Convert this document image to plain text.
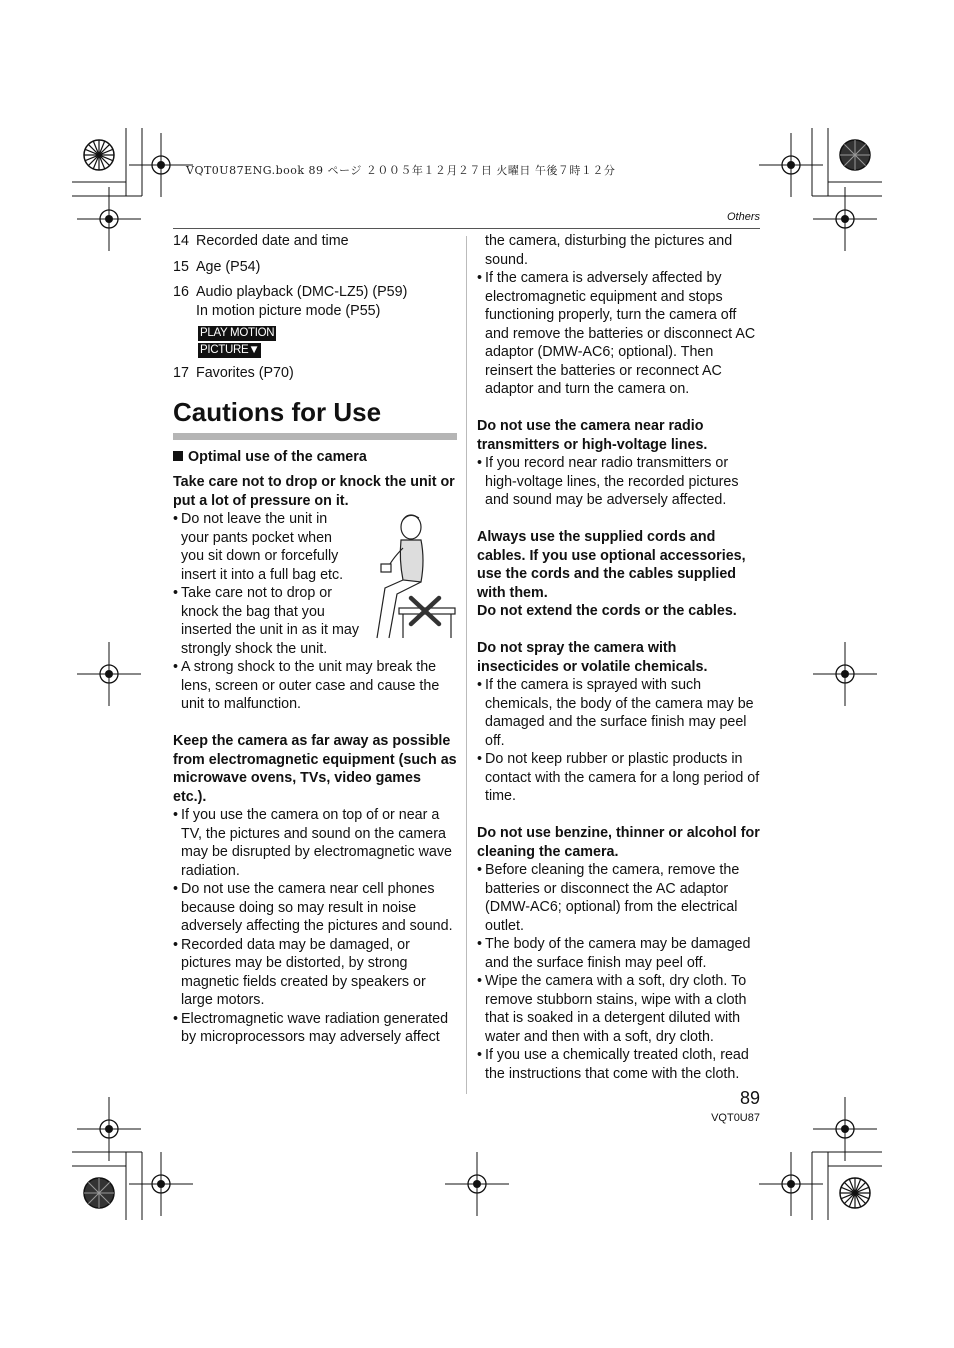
VQT0U87ENG.book 89 ページ ２００５年１２月２７日 火曜日 午後７時１２分
Others
14 Recorded date and time
15 Age (P54)
16 Audio playback (DMC-LZ5) (P59)
In motion picture mode (P55)
PLAY MOTION
PICTURE▼
17 Favorites (P70)
Cautions for Use

Optimal use of the camera

Take care not to drop or knock the unit or put a lot of pressure on it.

• Do not leave the unit in your pants pocket when you sit down or forcefully insert it into a full bag etc.
• Take care not to drop or knock the bag that you inserted the unit in as it may strongly shock the unit.
• A strong shock to the unit may break the lens, screen or outer case and cause the unit to malfunction.

Keep the camera as far away as possible from electromagnetic equipment (such as microwave ovens, TVs, video games etc.).

• If you use the camera on top of or near a TV, the pictures and sound on the camera may be disrupted by electromagnetic wave radiation.
• Do not use the camera near cell phones because doing so may result in noise adversely affecting the pictures and sound.
• Recorded data may be damaged, or pictures may be distorted, by strong magnetic fields created by speakers or large motors.
• Electromagnetic wave radiation generated by microprocessors may adversely affect

the camera, disturbing the pictures and sound.

• If the camera is adversely affected by electromagnetic equipment and stops functioning properly, turn the camera off and remove the batteries or disconnect AC adaptor (DMW-AC6; optional). Then reinsert the batteries or reconnect AC adaptor and turn the camera on.

Do not use the camera near radio transmitters or high-voltage lines.

• If you record near radio transmitters or high-voltage lines, the recorded pictures and sound may be adversely affected.

Always use the supplied cords and cables. If you use optional accessories, use the cords and the cables supplied with them.

Do not extend the cords or the cables.

Do not spray the camera with insecticides or volatile chemicals.

• If the camera is sprayed with such chemicals, the body of the camera may be damaged and the surface finish may peel off.
• Do not keep rubber or plastic products in contact with the camera for a long period of time.

Do not use benzine, thinner or alcohol for cleaning the camera.

• Before cleaning the camera, remove the batteries or disconnect the AC adaptor (DMW-AC6; optional) from the electrical outlet.
• The body of the camera may be damaged and the surface finish may peel off.
• Wipe the camera with a soft, dry cloth. To remove stubborn stains, wipe with a cloth that is soaked in a detergent diluted with water and then with a soft, dry cloth.
• If you use a chemically treated cloth, read the instructions that come with the cloth.
89
VQT0U87
